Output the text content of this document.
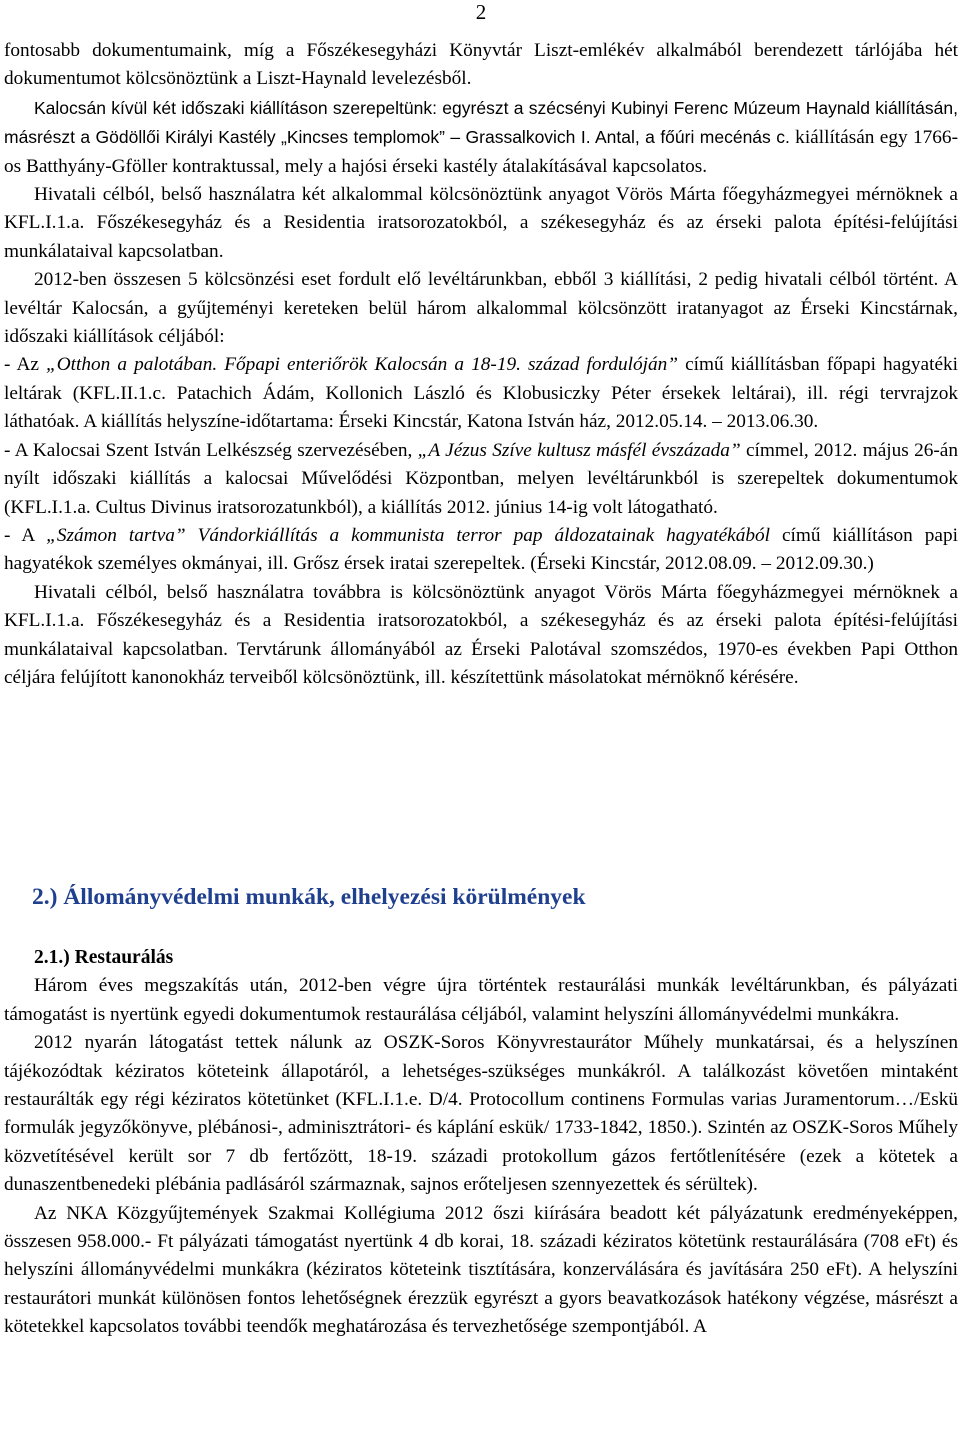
2

fontosabb dokumentumaink, míg a Főszékesegyházi Könyvtár Liszt-emlékév alkalmából berendezett tárlójába hét dokumentumot kölcsönöztünk a Liszt-Haynald levelezésből.

Kalocsán kívül két időszaki kiállításon szerepeltünk: egyrészt a szécsényi Kubinyi Ferenc Múzeum Haynald kiállításán, másrészt a Gödöllői Királyi Kastély „Kincses templomok” – Grassalkovich I. Antal, a főúri mecénás c. kiállításán egy 1766-os Batthyány-Gföller kontraktussal, mely a hajósi érseki kastély átalakításával kapcsolatos.

Hivatali célból, belső használatra két alkalommal kölcsönöztünk anyagot Vörös Márta főegyházmegyei mérnöknek a KFL.I.1.a. Főszékesegyház és a Residentia iratsorozatokból, a székesegyház és az érseki palota építési-felújítási munkálataival kapcsolatban.

2012-ben összesen 5 kölcsönzési eset fordult elő levéltárunkban, ebből 3 kiállítási, 2 pedig hivatali célból történt. A levéltár Kalocsán, a gyűjteményi kereteken belül három alkalommal kölcsönzött iratanyagot az Érseki Kincstárnak, időszaki kiállítások céljából:

- Az „Otthon a palotában. Főpapi enteriőrök Kalocsán a 18-19. század fordulóján” című kiállításban főpapi hagyatéki leltárak (KFL.II.1.c. Patachich Ádám, Kollonich László és Klobusiczky Péter érsekek leltárai), ill. régi tervrajzok láthatóak. A kiállítás helyszíne-időtartama: Érseki Kincstár, Katona István ház, 2012.05.14. – 2013.06.30.

- A Kalocsai Szent István Lelkészség szervezésében, „A Jézus Szíve kultusz másfél évszázada” címmel, 2012. május 26-án nyílt időszaki kiállítás a kalocsai Művelődési Központban, melyen levéltárunkból is szerepeltek dokumentumok (KFL.I.1.a. Cultus Divinus iratsorozatunkból), a kiállítás 2012. június 14-ig volt látogatható.

- A „Számon tartva” Vándorkiállítás a kommunista terror pap áldozatainak hagyatékából című kiállításon papi hagyatékok személyes okmányai, ill. Grősz érsek iratai szerepeltek. (Érseki Kincstár, 2012.08.09. – 2012.09.30.)

Hivatali célból, belső használatra továbbra is kölcsönöztünk anyagot Vörös Márta főegyházmegyei mérnöknek a KFL.I.1.a. Főszékesegyház és a Residentia iratsorozatokból, a székesegyház és az érseki palota építési-felújítási munkálataival kapcsolatban. Tervtárunk állományából az Érseki Palotával szomszédos, 1970-es években Papi Otthon céljára felújított kanonokház terveiből kölcsönöztünk, ill. készítettünk másolatokat mérnöknő kérésére.

2.) Állományvédelmi munkák, elhelyezési körülmények
2.1.) Restaurálás

Három éves megszakítás után, 2012-ben végre újra történtek restaurálási munkák levéltárunkban, és pályázati támogatást is nyertünk egyedi dokumentumok restaurálása céljából, valamint helyszíni állományvédelmi munkákra.

2012 nyarán látogatást tettek nálunk az OSZK-Soros Könyvrestaurátor Műhely munkatársai, és a helyszínen tájékozódtak kéziratos köteteink állapotáról, a lehetséges-szükséges munkákról. A találkozást követően mintaként restaurálták egy régi kéziratos kötetünket (KFL.I.1.e. D/4. Protocollum continens Formulas varias Juramentorum…/Eskü formulák jegyzőkönyve, plébánosi-, adminisztrátori- és káplání eskük/ 1733-1842, 1850.). Szintén az OSZK-Soros Műhely közvetítésével került sor 7 db fertőzött, 18-19. századi protokollum gázos fertőtlenítésére (ezek a kötetek a dunaszentbenedeki plébánia padlásáról származnak, sajnos erőteljesen szennyezettek és sérültek).

Az NKA Közgyűjtemények Szakmai Kollégiuma 2012 őszi kiírására beadott két pályázatunk eredményeképpen, összesen 958.000.- Ft pályázati támogatást nyertünk 4 db korai, 18. századi kéziratos kötetünk restaurálására (708 eFt) és helyszíni állományvédelmi munkákra (kéziratos köteteink tisztítására, konzerválására és javítására 250 eFt). A helyszíni restaurátori munkát különösen fontos lehetőségnek érezzük egyrészt a gyors beavatkozások hatékony végzése, másrészt a kötetekkel kapcsolatos további teendők meghatározása és tervezhetősége szempontjából. A
